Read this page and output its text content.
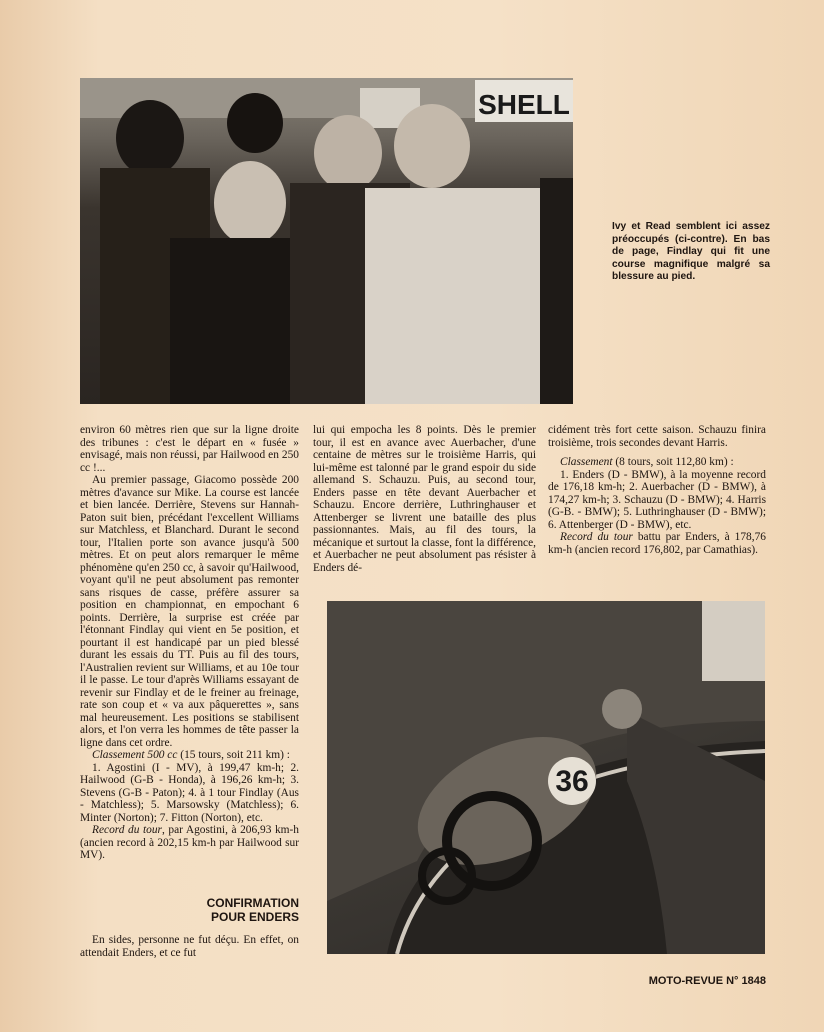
SHELL
Ivy et Read semblent ici assez préoccupés (ci-contre). En bas de page, Findlay qui fit une course magnifique malgré sa blessure au pied.

environ 60 mètres rien que sur la ligne droite des tribunes : c'est le départ en « fusée » envisagé, mais non réussi, par Hailwood en 250 cc !...

Au premier passage, Giacomo possède 200 mètres d'avance sur Mike. La course est lancée et bien lancée. Derrière, Stevens sur Hannah-Paton suit bien, précédant l'excellent Williams sur Matchless, et Blanchard. Durant le second tour, l'Italien porte son avance jusqu'à 500 mètres. Et on peut alors remarquer le même phénomène qu'en 250 cc, à savoir qu'Hailwood, voyant qu'il ne peut absolument pas remonter sans risques de casse, préfère assurer sa position en championnat, en empochant 6 points. Derrière, la surprise est créée par l'étonnant Findlay qui vient en 5e position, et pourtant il est handicapé par un pied blessé durant les essais du TT. Puis au fil des tours, l'Australien revient sur Williams, et au 10e tour il le passe. Le tour d'après Williams essayant de revenir sur Findlay et de le freiner au freinage, rate son coup et « va aux pâquerettes », sans mal heureusement. Les positions se stabilisent alors, et l'on verra les hommes de tête passer la ligne dans cet ordre.

Classement 500 cc (15 tours, soit 211 km) :

1. Agostini (I - MV), à 199,47 km-h; 2. Hailwood (G-B - Honda), à 196,26 km-h; 3. Stevens (G-B - Paton); 4. à 1 tour Findlay (Aus - Matchless); 5. Marsowsky (Matchless); 6. Minter (Norton); 7. Fitton (Norton), etc.

Record du tour, par Agostini, à 206,93 km-h (ancien record à 202,15 km-h par Hailwood sur MV).

CONFIRMATION
POUR ENDERS

En sides, personne ne fut déçu. En effet, on attendait Enders, et ce fut

lui qui empocha les 8 points. Dès le premier tour, il est en avance avec Auerbacher, d'une centaine de mètres sur le troisième Harris, qui lui-même est talonné par le grand espoir du side allemand S. Schauzu. Puis, au second tour, Enders passe en tête devant Auerbacher et Schauzu. Encore derrière, Luthringhauser et Attenberger se livrent une bataille des plus passionnantes. Mais, au fil des tours, la mécanique et surtout la classe, font la différence, et Auerbacher ne peut absolument pas résister à Enders dé-

cidément très fort cette saison. Schauzu finira troisième, trois secondes devant Harris.

Classement (8 tours, soit 112,80 km) :

1. Enders (D - BMW), à la moyenne record de 176,18 km-h; 2. Auerbacher (D - BMW), à 174,27 km-h; 3. Schauzu (D - BMW); 4. Harris (G-B. - BMW); 5. Luthringhauser (D - BMW); 6. Attenberger (D - BMW), etc.

Record du tour battu par Enders, à 178,76 km-h (ancien record 176,802, par Camathias).

36
MOTO-REVUE N° 1848
